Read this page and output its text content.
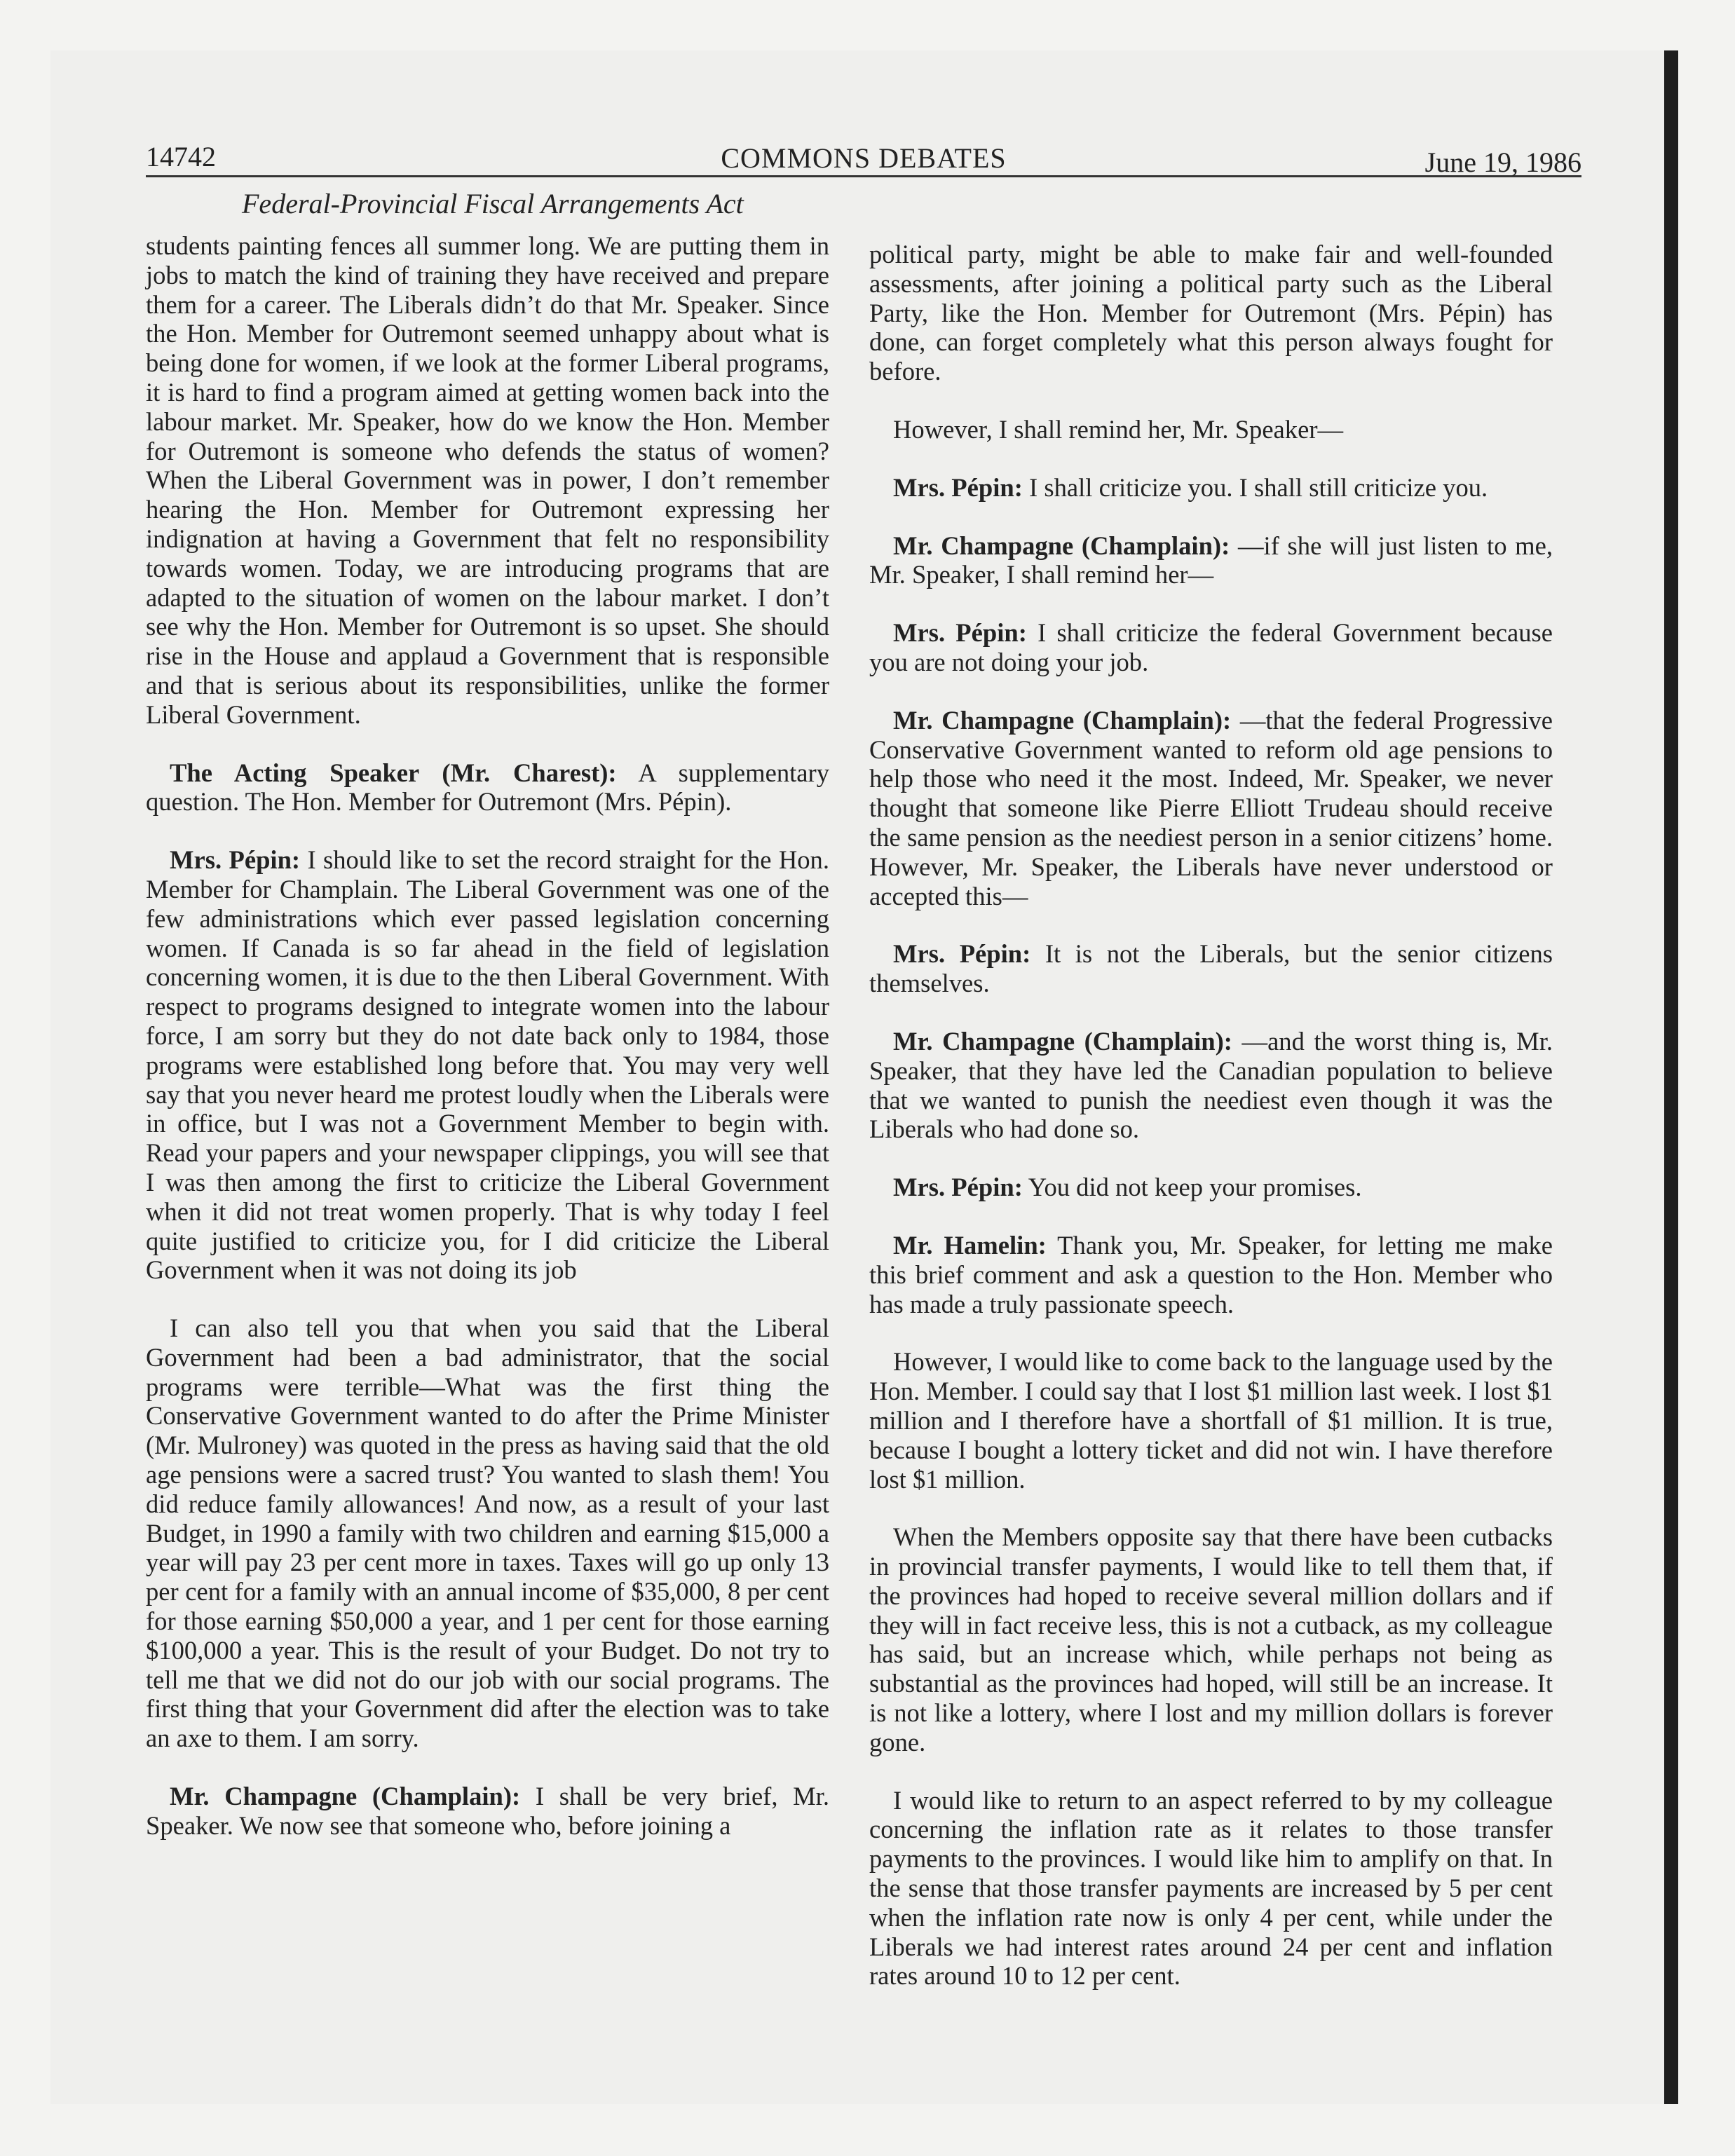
14742	COMMONS DEBATES	June 19, 1986
Federal-Provincial Fiscal Arrangements Act

students painting fences all summer long. We are putting them in jobs to match the kind of training they have received and prepare them for a career. The Liberals didn’t do that Mr. Speaker. Since the Hon. Member for Outremont seemed unhappy about what is being done for women, if we look at the former Liberal programs, it is hard to find a program aimed at getting women back into the labour market. Mr. Speaker, how do we know the Hon. Member for Outremont is someone who defends the status of women? When the Liberal Government was in power, I don’t remember hearing the Hon. Member for Outremont expressing her indignation at having a Government that felt no responsibility towards women. Today, we are introducing programs that are adapted to the situation of women on the labour market. I don’t see why the Hon. Member for Outremont is so upset. She should rise in the House and applaud a Government that is responsible and that is serious about its responsibilities, unlike the former Liberal Government.

The Acting Speaker (Mr. Charest): A supplementary question. The Hon. Member for Outremont (Mrs. Pépin).

Mrs. Pépin: I should like to set the record straight for the Hon. Member for Champlain. The Liberal Government was one of the few administrations which ever passed legislation concerning women. If Canada is so far ahead in the field of legislation concerning women, it is due to the then Liberal Government. With respect to programs designed to integrate women into the labour force, I am sorry but they do not date back only to 1984, those programs were established long before that. You may very well say that you never heard me protest loudly when the Liberals were in office, but I was not a Government Member to begin with. Read your papers and your newspaper clippings, you will see that I was then among the first to criticize the Liberal Government when it did not treat women properly. That is why today I feel quite justified to criticize you, for I did criticize the Liberal Government when it was not doing its job

I can also tell you that when you said that the Liberal Government had been a bad administrator, that the social programs were terrible—What was the first thing the Conservative Government wanted to do after the Prime Minister (Mr. Mulroney) was quoted in the press as having said that the old age pensions were a sacred trust? You wanted to slash them! You did reduce family allowances! And now, as a result of your last Budget, in 1990 a family with two children and earning $15,000 a year will pay 23 per cent more in taxes. Taxes will go up only 13 per cent for a family with an annual income of $35,000, 8 per cent for those earning $50,000 a year, and 1 per cent for those earning $100,000 a year. This is the result of your Budget. Do not try to tell me that we did not do our job with our social programs. The first thing that your Government did after the election was to take an axe to them. I am sorry.

Mr. Champagne (Champlain): I shall be very brief, Mr. Speaker. We now see that someone who, before joining a

political party, might be able to make fair and well-founded assessments, after joining a political party such as the Liberal Party, like the Hon. Member for Outremont (Mrs. Pépin) has done, can forget completely what this person always fought for before.

However, I shall remind her, Mr. Speaker—

Mrs. Pépin: I shall criticize you. I shall still criticize you.

Mr. Champagne (Champlain): —if she will just listen to me, Mr. Speaker, I shall remind her—

Mrs. Pépin: I shall criticize the federal Government because you are not doing your job.

Mr. Champagne (Champlain): —that the federal Progressive Conservative Government wanted to reform old age pensions to help those who need it the most. Indeed, Mr. Speaker, we never thought that someone like Pierre Elliott Trudeau should receive the same pension as the neediest person in a senior citizens’ home. However, Mr. Speaker, the Liberals have never understood or accepted this—

Mrs. Pépin: It is not the Liberals, but the senior citizens themselves.

Mr. Champagne (Champlain): —and the worst thing is, Mr. Speaker, that they have led the Canadian population to believe that we wanted to punish the neediest even though it was the Liberals who had done so.

Mrs. Pépin: You did not keep your promises.

Mr. Hamelin: Thank you, Mr. Speaker, for letting me make this brief comment and ask a question to the Hon. Member who has made a truly passionate speech.

However, I would like to come back to the language used by the Hon. Member. I could say that I lost $1 million last week. I lost $1 million and I therefore have a shortfall of $1 million. It is true, because I bought a lottery ticket and did not win. I have therefore lost $1 million.

When the Members opposite say that there have been cutbacks in provincial transfer payments, I would like to tell them that, if the provinces had hoped to receive several million dollars and if they will in fact receive less, this is not a cutback, as my colleague has said, but an increase which, while perhaps not being as substantial as the provinces had hoped, will still be an increase. It is not like a lottery, where I lost and my million dollars is forever gone.

I would like to return to an aspect referred to by my colleague concerning the inflation rate as it relates to those transfer payments to the provinces. I would like him to amplify on that. In the sense that those transfer payments are increased by 5 per cent when the inflation rate now is only 4 per cent, while under the Liberals we had interest rates around 24 per cent and inflation rates around 10 to 12 per cent.
